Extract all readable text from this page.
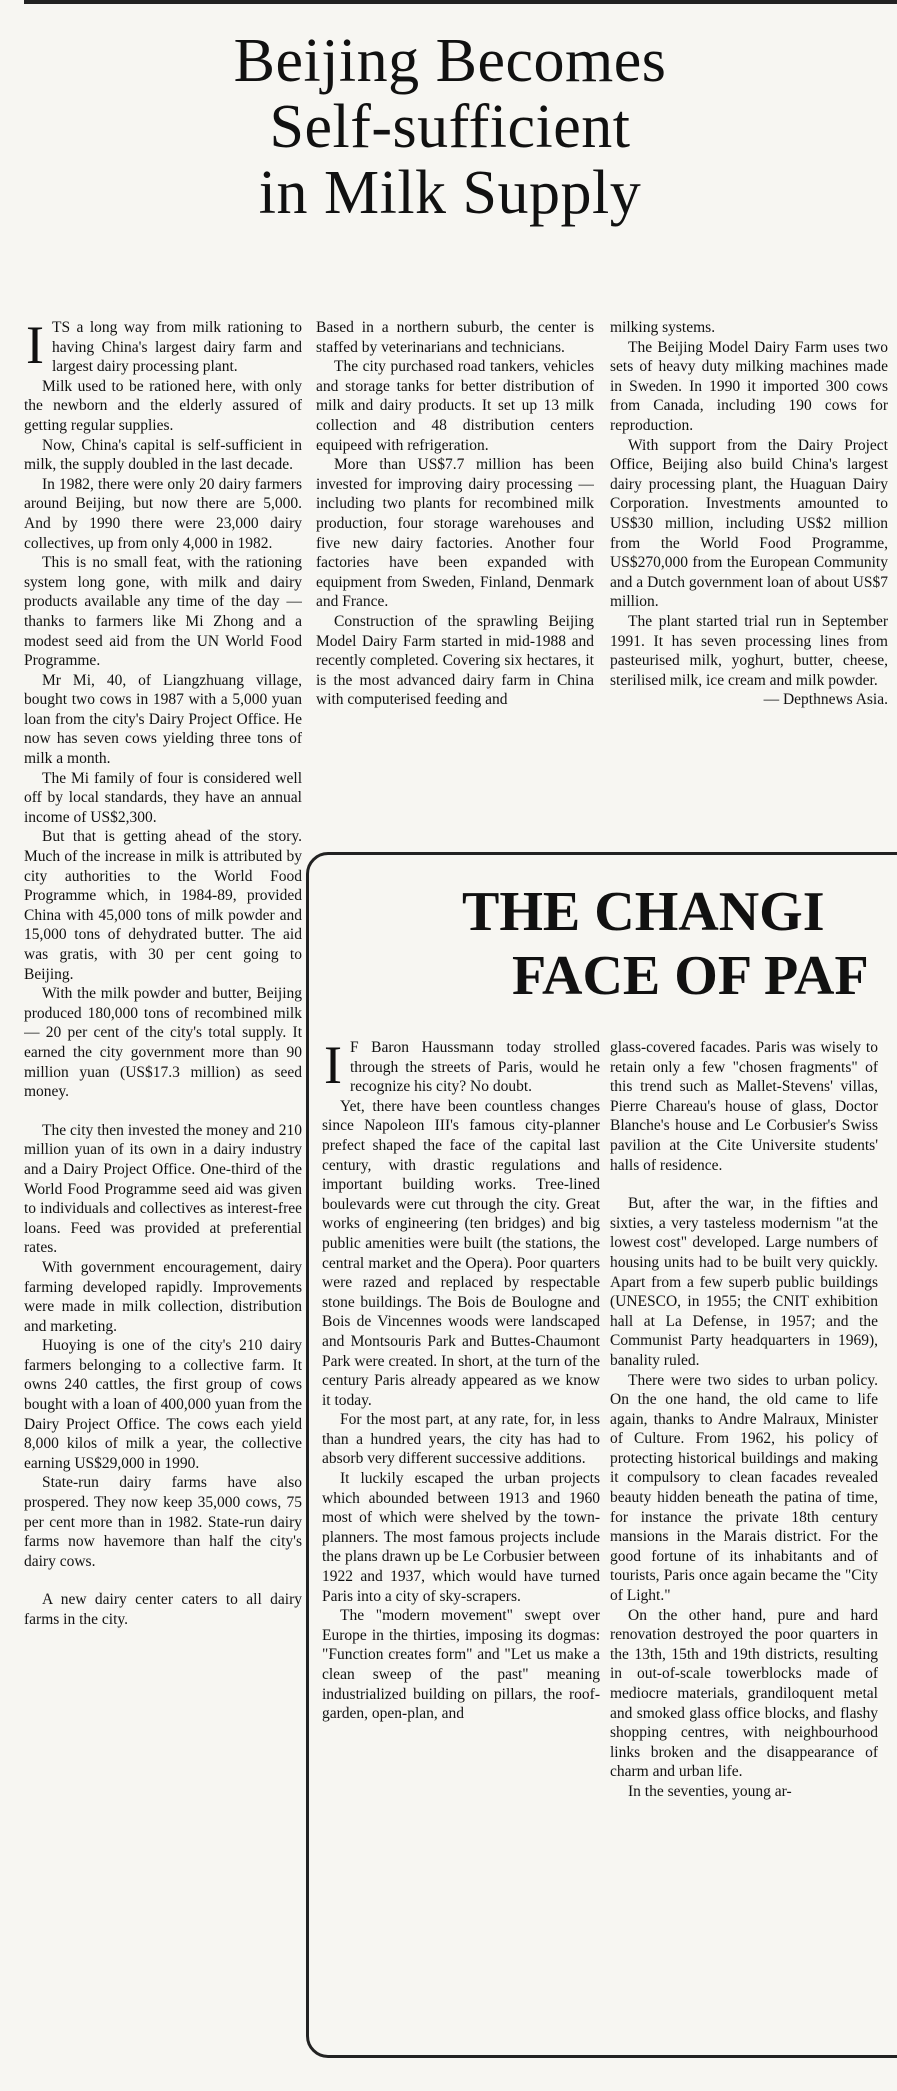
Beijing Becomes
Self-sufficient
in Milk Supply

ITS a long way from milk rationing to having China's largest dairy farm and largest dairy processing plant.

Milk used to be rationed here, with only the newborn and the elderly assured of getting regular supplies.

Now, China's capital is self-sufficient in milk, the supply doubled in the last decade.

In 1982, there were only 20 dairy farmers around Beijing, but now there are 5,000. And by 1990 there were 23,000 dairy collectives, up from only 4,000 in 1982.

This is no small feat, with the rationing system long gone, with milk and dairy products available any time of the day — thanks to farmers like Mi Zhong and a modest seed aid from the UN World Food Programme.

Mr Mi, 40, of Liangzhuang village, bought two cows in 1987 with a 5,000 yuan loan from the city's Dairy Project Office. He now has seven cows yielding three tons of milk a month.

The Mi family of four is considered well off by local standards, they have an annual income of US$2,300.

But that is getting ahead of the story. Much of the increase in milk is attributed by city authorities to the World Food Programme which, in 1984-89, provided China with 45,000 tons of milk powder and 15,000 tons of dehydrated butter. The aid was gratis, with 30 per cent going to Beijing.

With the milk powder and butter, Beijing produced 180,000 tons of recombined milk — 20 per cent of the city's total supply. It earned the city government more than 90 million yuan (US$17.3 million) as seed money.

The city then invested the money and 210 million yuan of its own in a dairy industry and a Dairy Project Office. One-third of the World Food Programme seed aid was given to individuals and collectives as interest-free loans. Feed was provided at preferential rates.

With government encouragement, dairy farming developed rapidly. Improvements were made in milk collection, distribution and marketing.

Huoying is one of the city's 210 dairy farmers belonging to a collective farm. It owns 240 cattles, the first group of cows bought with a loan of 400,000 yuan from the Dairy Project Office. The cows each yield 8,000 kilos of milk a year, the collective earning US$29,000 in 1990.

State-run dairy farms have also prospered. They now keep 35,000 cows, 75 per cent more than in 1982. State-run dairy farms now havemore than half the city's dairy cows.

A new dairy center caters to all dairy farms in the city.

Based in a northern suburb, the center is staffed by veterinarians and technicians.

The city purchased road tankers, vehicles and storage tanks for better distribution of milk and dairy products. It set up 13 milk collection and 48 distribution centers equipeed with refrigeration.

More than US$7.7 million has been invested for improving dairy processing — including two plants for recombined milk production, four storage warehouses and five new dairy factories. Another four factories have been expanded with equipment from Sweden, Finland, Denmark and France.

Construction of the sprawling Beijing Model Dairy Farm started in mid-1988 and recently completed. Covering six hectares, it is the most advanced dairy farm in China with computerised feeding and

milking systems.

The Beijing Model Dairy Farm uses two sets of heavy duty milking machines made in Sweden. In 1990 it imported 300 cows from Canada, including 190 cows for reproduction.

With support from the Dairy Project Office, Beijing also build China's largest dairy processing plant, the Huaguan Dairy Corporation. Investments amounted to US$30 million, including US$2 million from the World Food Programme, US$270,000 from the European Community and a Dutch government loan of about US$7 million.

The plant started trial run in September 1991. It has seven processing lines from pasteurised milk, yoghurt, butter, cheese, sterilised milk, ice cream and milk powder.

— Depthnews Asia.

THE CHANGI
FACE OF PAF

I F Baron Haussmann today strolled through the streets of Paris, would he recognize his city? No doubt.

Yet, there have been countless changes since Napoleon III's famous city-planner prefect shaped the face of the capital last century, with drastic regulations and important building works. Tree-lined boulevards were cut through the city. Great works of engineering (ten bridges) and big public amenities were built (the stations, the central market and the Opera). Poor quarters were razed and replaced by respectable stone buildings. The Bois de Boulogne and Bois de Vincennes woods were landscaped and Montsouris Park and Buttes-Chaumont Park were created. In short, at the turn of the century Paris already appeared as we know it today.

For the most part, at any rate, for, in less than a hundred years, the city has had to absorb very different successive additions.

It luckily escaped the urban projects which abounded between 1913 and 1960 most of which were shelved by the town-planners. The most famous projects include the plans drawn up be Le Corbusier between 1922 and 1937, which would have turned Paris into a city of sky-scrapers.

The "modern movement" swept over Europe in the thirties, imposing its dogmas: "Function creates form" and "Let us make a clean sweep of the past" meaning industrialized building on pillars, the roof-garden, open-plan, and

glass-covered facades. Paris was wisely to retain only a few "chosen fragments" of this trend such as Mallet-Stevens' villas, Pierre Chareau's house of glass, Doctor Blanche's house and Le Corbusier's Swiss pavilion at the Cite Universite students' halls of residence.

But, after the war, in the fifties and sixties, a very tasteless modernism "at the lowest cost" developed. Large numbers of housing units had to be built very quickly. Apart from a few superb public buildings (UNESCO, in 1955; the CNIT exhibition hall at La Defense, in 1957; and the Communist Party headquarters in 1969), banality ruled.

There were two sides to urban policy. On the one hand, the old came to life again, thanks to Andre Malraux, Minister of Culture. From 1962, his policy of protecting historical buildings and making it compulsory to clean facades revealed beauty hidden beneath the patina of time, for instance the private 18th century mansions in the Marais district. For the good fortune of its inhabitants and of tourists, Paris once again became the "City of Light."

On the other hand, pure and hard renovation destroyed the poor quarters in the 13th, 15th and 19th districts, resulting in out-of-scale towerblocks made of mediocre materials, grandiloquent metal and smoked glass office blocks, and flashy shopping centres, with neighbourhood links broken and the disappearance of charm and urban life.

In the seventies, young ar-
